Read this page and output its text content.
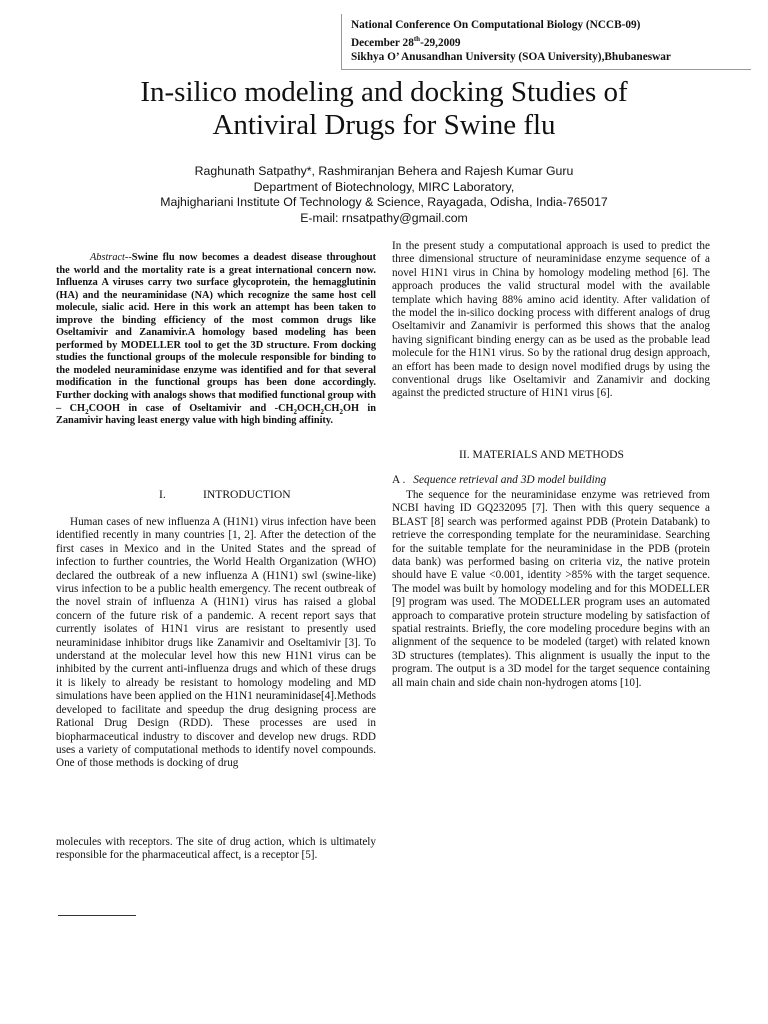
National Conference On Computational Biology (NCCB-09)
December 28th-29,2009
Sikhya O’ Anusandhan University (SOA University),Bhubaneswar
In-silico modeling and docking Studies of
Antiviral Drugs for Swine flu
Raghunath Satpathy*, Rashmiranjan Behera and Rajesh Kumar Guru
Department of Biotechnology, MIRC Laboratory,
Majhighariani Institute Of Technology & Science, Rayagada, Odisha, India-765017
E-mail: rnsatpathy@gmail.com
Abstract--Swine flu now becomes a deadest disease throughout the world and the mortality rate is a great international concern now. Influenza A viruses carry two surface glycoprotein, the hemagglutinin (HA) and the neuraminidase (NA) which recognize the same host cell molecule, sialic acid. Here in this work an attempt has been taken to improve the binding efficiency of the most common drugs like Oseltamivir and Zanamivir.A homology based modeling has been performed by MODELLER tool to get the 3D structure. From docking studies the functional groups of the molecule responsible for binding to the modeled neuraminidase enzyme was identified and for that several modification in the functional groups has been done accordingly. Further docking with analogs shows that modified functional group with – $CH_2COOH$ in case of Oseltamivir and $-CH_2OCH_2CH_2OH$ in Zanamivir having least energy value with high binding affinity.
I.	INTRODUCTION

Human cases of new influenza A (H1N1) virus infection have been identified recently in many countries [1, 2]. After the detection of the first cases in Mexico and in the United States and the spread of infection to further countries, the World Health Organization (WHO) declared the outbreak of a new influenza A (H1N1) swl (swine-like) virus infection to be a public health emergency. The recent outbreak of the novel strain of influenza A (H1N1) virus has raised a global concern of the future risk of a pandemic. A recent report says that currently isolates of H1N1 virus are resistant to presently used neuraminidase inhibitor drugs like Zanamivir and Oseltamivir [3]. To understand at the molecular level how this new H1N1 virus can be inhibited by the current anti-influenza drugs and which of these drugs it is likely to already be resistant to homology modeling and MD simulations have been applied on the H1N1 neuraminidase[4].Methods developed to facilitate and speedup the drug designing process are Rational Drug Design (RDD). These processes are used in biopharmaceutical industry to discover and develop new drugs. RDD uses a variety of computational methods to identify novel compounds. One of those methods is docking of drug

molecules with receptors. The site of drug action, which is ultimately responsible for the pharmaceutical affect, is a receptor [5].

In the present study a computational approach is used to predict the three dimensional structure of neuraminidase enzyme sequence of a novel H1N1 virus in China by homology modeling method [6]. The approach produces the valid structural model with the available template which having 88% amino acid identity. After validation of the model the in-silico docking process with different analogs of drug Oseltamivir and Zanamivir is performed this shows that the analog having significant binding energy can as be used as the probable lead molecule for the H1N1 virus. So by the rational drug design approach, an effort has been made to design novel modified drugs by using the conventional drugs like Oseltamivir and Zanamivir and docking against the predicted structure of H1N1 virus [6].

II. MATERIALS AND METHODS
A . Sequence retrieval and 3D model building

The sequence for the neuraminidase enzyme was retrieved from NCBI having ID GQ232095 [7]. Then with this query sequence a BLAST [8] search was performed against PDB (Protein Databank) to retrieve the corresponding template for the neuraminidase. Searching for the suitable template for the neuraminidase in the PDB (protein data bank) was performed basing on criteria viz, the native protein should have E value <0.001, identity >85% with the target sequence. The model was built by homology modeling and for this MODELLER [9] program was used. The MODELLER program uses an automated approach to comparative protein structure modeling by satisfaction of spatial restraints. Briefly, the core modeling procedure begins with an alignment of the sequence to be modeled (target) with related known 3D structures (templates). This alignment is usually the input to the program. The output is a 3D model for the target sequence containing all main chain and side chain non-hydrogen atoms [10].
